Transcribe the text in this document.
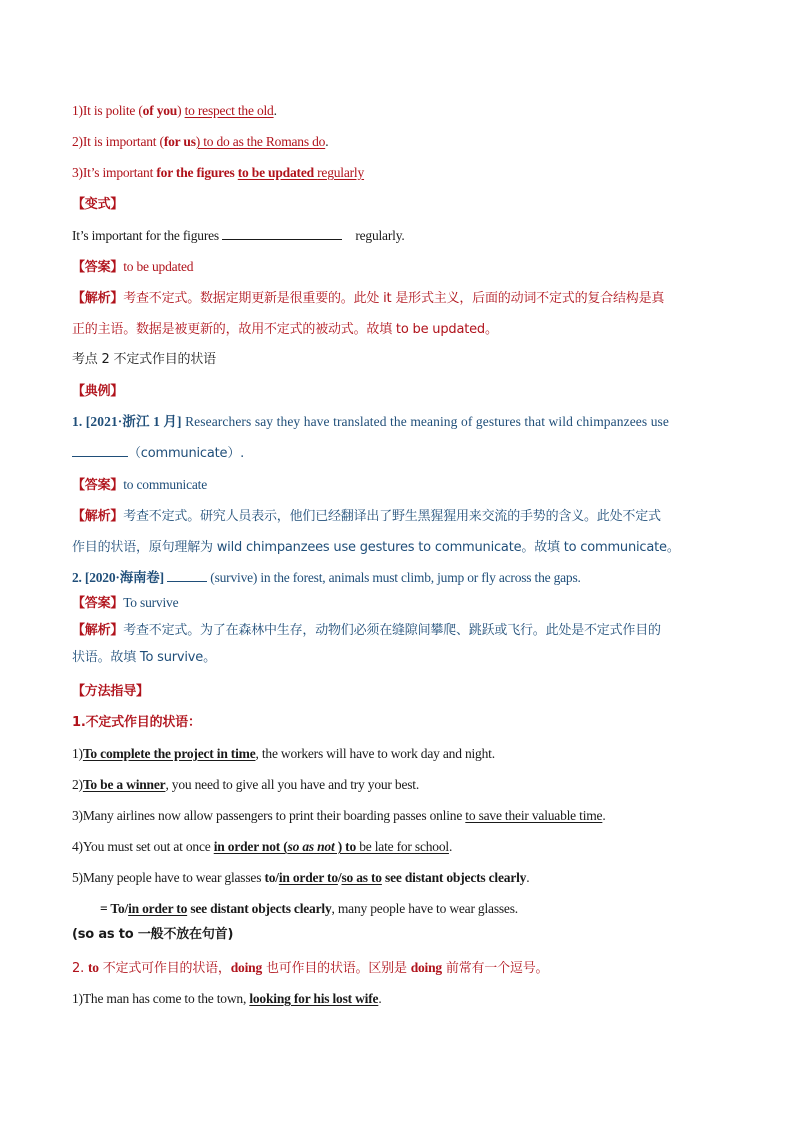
1)It is polite (of you) to respect the old.
2)It is important (for us) to do as the Romans do.
3)It’s important for the figures to be updated regularly
【变式】
It’s important for the figures	regularly.
【答案】to be updated
【解析】考查不定式。数据定期更新是很重要的。此处 it 是形式主义，后面的动词不定式的复合结构是真
正的主语。数据是被更新的，故用不定式的被动式。故填 to be updated。
考点 2 不定式作目的状语
【典例】
1. [2021·浙江 1 月] Researchers say they have translated the meaning of gestures that wild chimpanzees use
（communicate）.
【答案】to communicate
【解析】考查不定式。研究人员表示，他们已经翻译出了野生黑猩猩用来交流的手势的含义。此处不定式
作目的状语，原句理解为 wild chimpanzees use gestures to communicate。故填 to communicate。
2. [2020·海南卷]	(survive) in the forest, animals must climb, jump or fly across the gaps.
【答案】To survive
【解析】考查不定式。为了在森林中生存，动物们必须在缝隙间攀爬、跳跃或飞行。此处是不定式作目的
状语。故填 To survive。
【方法指导】
1.不定式作目的状语：
1)To complete the project in time, the workers will have to work day and night.
2)To be a winner, you need to give all you have and try your best.
3)Many airlines now allow passengers to print their boarding passes online to save their valuable time.
4)You must set out at once in order not (so as not ) to be late for school.
5)Many people have to wear glasses to/in order to/so as to see distant objects clearly.
= To/in order to see distant objects clearly, many people have to wear glasses.
(so as to 一般不放在句首)
2. to 不定式可作目的状语，doing 也可作目的状语。区别是 doing 前常有一个逗号。
1)The man has come to the town, looking for his lost wife.
